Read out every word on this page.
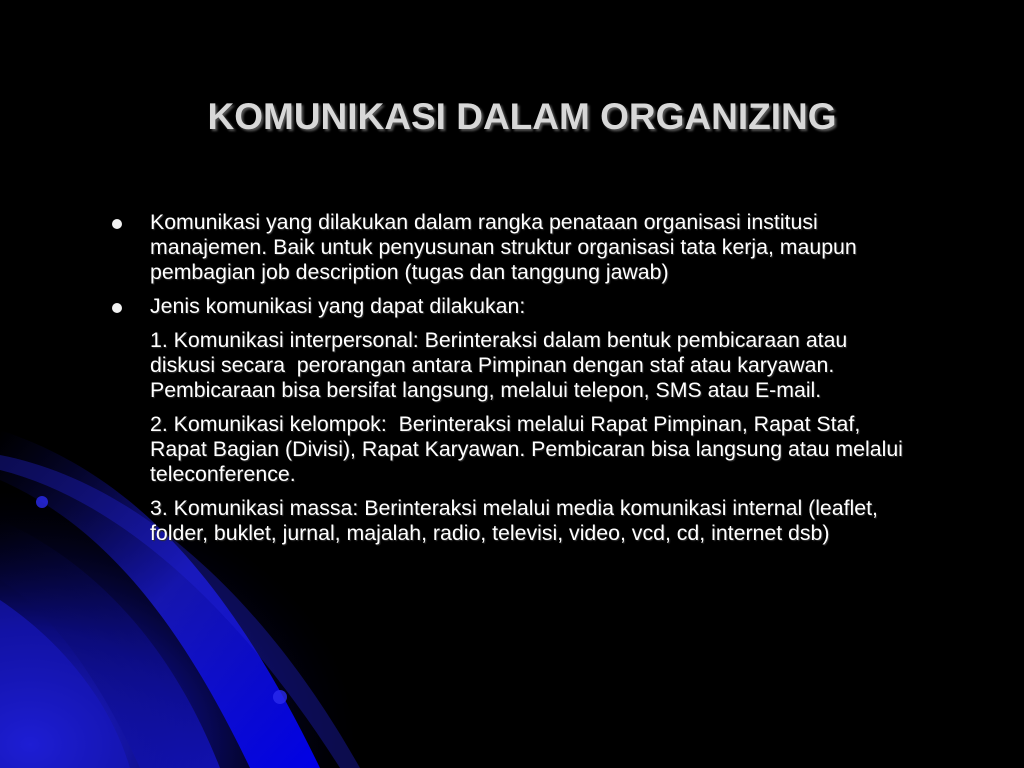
KOMUNIKASI DALAM ORGANIZING
Komunikasi yang dilakukan dalam rangka penataan organisasi institusi manajemen. Baik untuk penyusunan struktur organisasi tata kerja, maupun pembagian job description (tugas dan tanggung jawab)
Jenis komunikasi yang dapat dilakukan:
1. Komunikasi interpersonal: Berinteraksi dalam bentuk pembicaraan atau diskusi secara  perorangan antara Pimpinan dengan staf atau karyawan. Pembicaraan bisa bersifat langsung, melalui telepon, SMS atau E-mail.
2. Komunikasi kelompok:  Berinteraksi melalui Rapat Pimpinan, Rapat Staf, Rapat Bagian (Divisi), Rapat Karyawan. Pembicaran bisa langsung atau melalui teleconference.
3. Komunikasi massa: Berinteraksi melalui media komunikasi internal (leaflet, folder, buklet, jurnal, majalah, radio, televisi, video, vcd, cd, internet dsb)
